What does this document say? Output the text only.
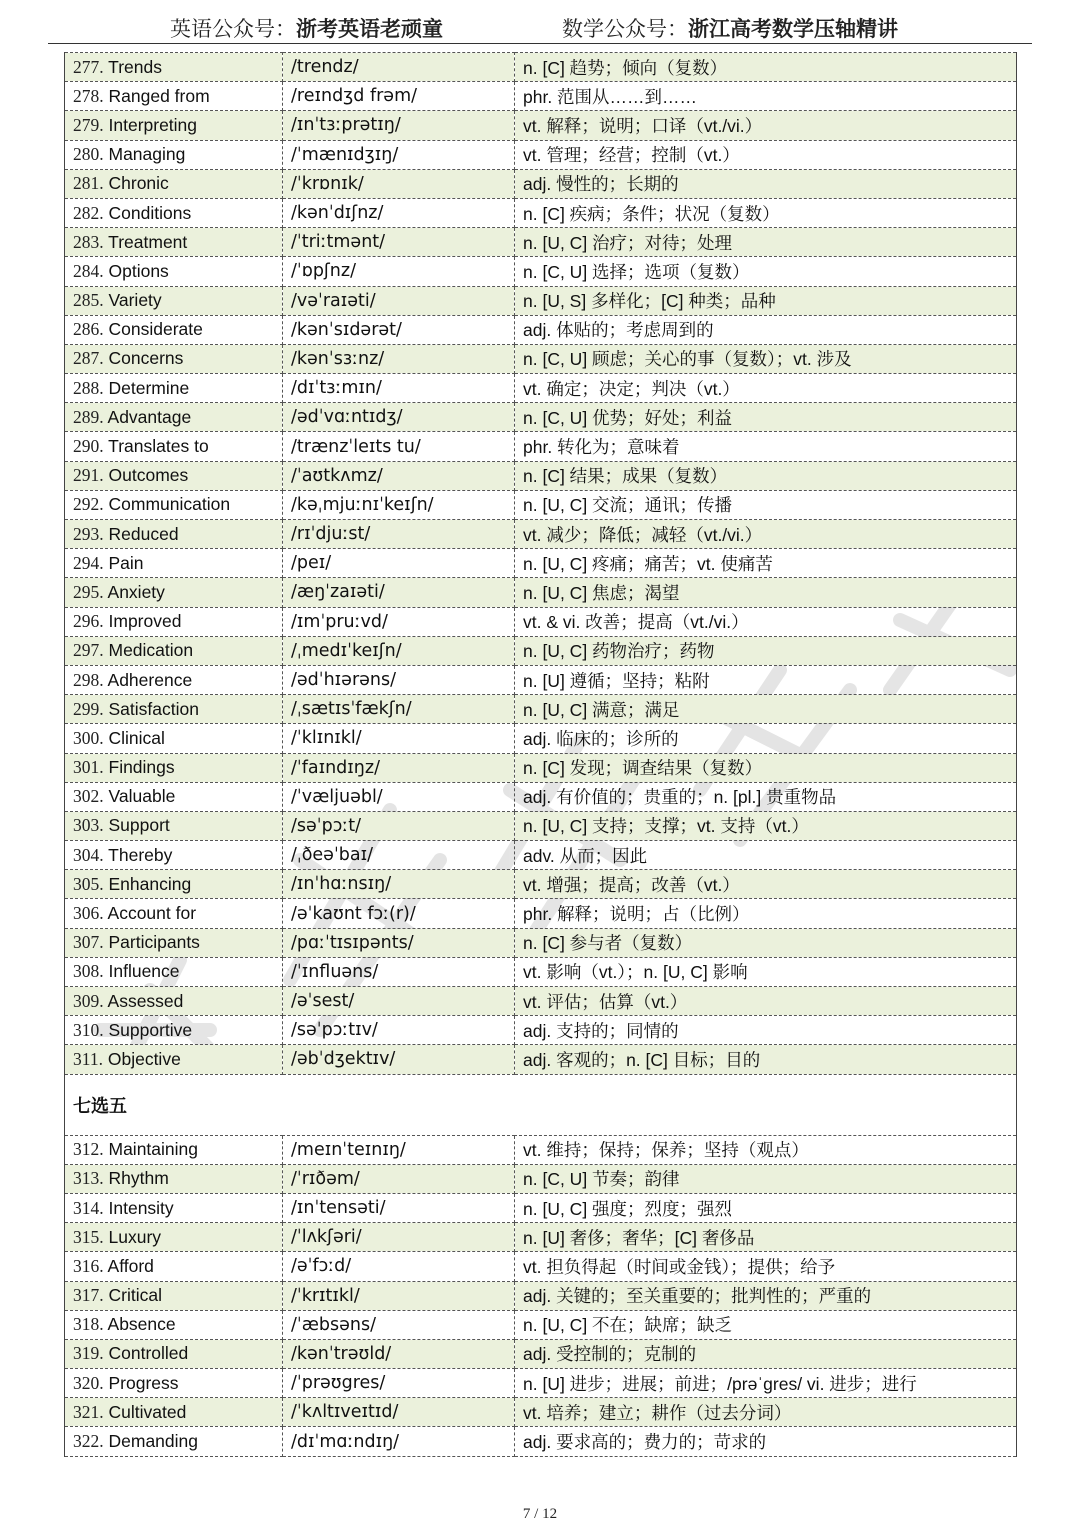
英语公众号：浙考英语老顽童	数学公众号：浙江高考数学压轴精讲
277. Trends	/trendz/	n. [C] 趋势；倾向（复数）
278. Ranged from	/reɪndʒd frəm/	phr. 范围从……到……
279. Interpreting	/ɪnˈtɜːprətɪŋ/	vt. 解释；说明；口译（vt./vi.）
280. Managing	/ˈmænɪdʒɪŋ/	vt. 管理；经营；控制（vt.）
281. Chronic	/ˈkrɒnɪk/	adj. 慢性的；长期的
282. Conditions	/kənˈdɪʃnz/	n. [C] 疾病；条件；状况（复数）
283. Treatment	/ˈtriːtmənt/	n. [U, C] 治疗；对待；处理
284. Options	/ˈɒpʃnz/	n. [C, U] 选择；选项（复数）
285. Variety	/vəˈraɪəti/	n. [U, S] 多样化；[C] 种类；品种
286. Considerate	/kənˈsɪdərət/	adj. 体贴的；考虑周到的
287. Concerns	/kənˈsɜːnz/	n. [C, U] 顾虑；关心的事（复数）；vt. 涉及
288. Determine	/dɪˈtɜːmɪn/	vt. 确定；决定；判决（vt.）
289. Advantage	/ədˈvɑːntɪdʒ/	n. [C, U] 优势；好处；利益
290. Translates to	/trænzˈleɪts tu/	phr. 转化为；意味着
291. Outcomes	/ˈaʊtkʌmz/	n. [C] 结果；成果（复数）
292. Communication	/kəˌmjuːnɪˈkeɪʃn/	n. [U, C] 交流；通讯；传播
293. Reduced	/rɪˈdjuːst/	vt. 减少；降低；减轻（vt./vi.）
294. Pain	/peɪ/	n. [U, C] 疼痛；痛苦；vt. 使痛苦
295. Anxiety	/æŋˈzaɪəti/	n. [U, C] 焦虑；渴望
296. Improved	/ɪmˈpruːvd/	vt. & vi. 改善；提高（vt./vi.）
297. Medication	/ˌmedɪˈkeɪʃn/	n. [U, C] 药物治疗；药物
298. Adherence	/ədˈhɪərəns/	n. [U] 遵循；坚持；粘附
299. Satisfaction	/ˌsætɪsˈfækʃn/	n. [U, C] 满意；满足
300. Clinical	/ˈklɪnɪkl/	adj. 临床的；诊所的
301. Findings	/ˈfaɪndɪŋz/	n. [C] 发现；调查结果（复数）
302. Valuable	/ˈvæljuəbl/	adj. 有价值的；贵重的；n. [pl.] 贵重物品
303. Support	/səˈpɔːt/	n. [U, C] 支持；支撑；vt. 支持（vt.）
304. Thereby	/ˌðeəˈbaɪ/	adv. 从而；因此
305. Enhancing	/ɪnˈhɑːnsɪŋ/	vt. 增强；提高；改善（vt.）
306. Account for	/əˈkaʊnt fɔː(r)/	phr. 解释；说明；占（比例）
307. Participants	/pɑːˈtɪsɪpənts/	n. [C] 参与者（复数）
308. Influence	/ˈɪnfluəns/	vt. 影响（vt.）；n. [U, C] 影响
309. Assessed	/əˈsest/	vt. 评估；估算（vt.）
310. Supportive	/səˈpɔːtɪv/	adj. 支持的；同情的
311. Objective	/əbˈdʒektɪv/	adj. 客观的；n. [C] 目标；目的
七选五		
312. Maintaining	/meɪnˈteɪnɪŋ/	vt. 维持；保持；保养；坚持（观点）
313. Rhythm	/ˈrɪðəm/	n. [C, U] 节奏；韵律
314. Intensity	/ɪnˈtensəti/	n. [U, C] 强度；烈度；强烈
315. Luxury	/ˈlʌkʃəri/	n. [U] 奢侈；奢华；[C] 奢侈品
316. Afford	/əˈfɔːd/	vt. 担负得起（时间或金钱）；提供；给予
317. Critical	/ˈkrɪtɪkl/	adj. 关键的；至关重要的；批判性的；严重的
318. Absence	/ˈæbsəns/	n. [U, C] 不在；缺席；缺乏
319. Controlled	/kənˈtrəʊld/	adj. 受控制的；克制的
320. Progress	/ˈprəʊgres/	n. [U] 进步；进展；前进；/prəˈgres/ vi. 进步；进行
321. Cultivated	/ˈkʌltɪveɪtɪd/	vt. 培养；建立；耕作（过去分词）
322. Demanding	/dɪˈmɑːndɪŋ/	adj. 要求高的；费力的；苛求的
7 / 12
